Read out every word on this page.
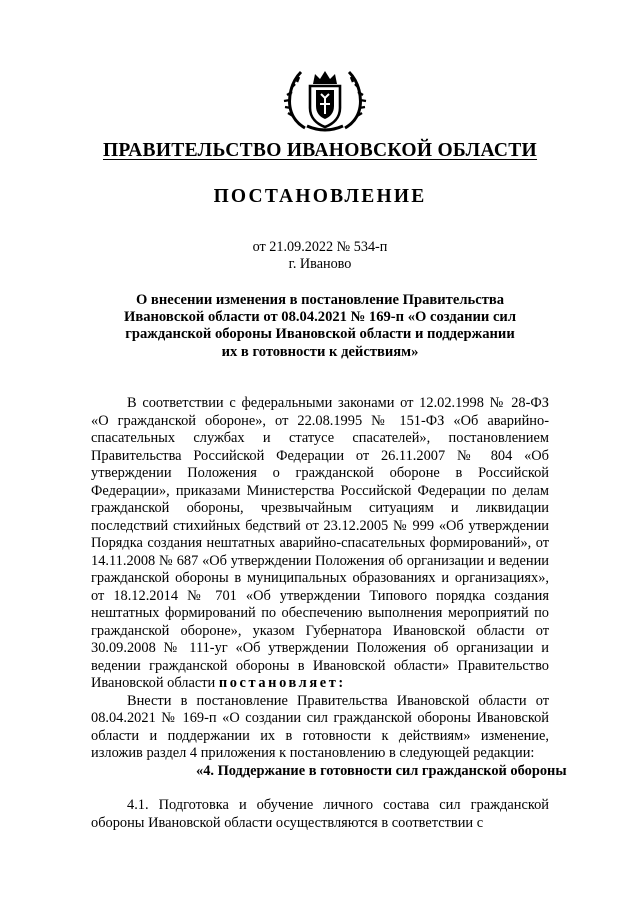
ПРАВИТЕЛЬСТВО ИВАНОВСКОЙ ОБЛАСТИ
ПОСТАНОВЛЕНИЕ
от 21.09.2022 № 534-п
г. Иваново
О внесении изменения в постановление Правительства
Ивановской области от 08.04.2021 № 169-п «О создании сил
гражданской обороны Ивановской области и поддержании
их в готовности к действиям»

В соответствии с федеральными законами от 12.02.1998 № 28-ФЗ «О гражданской обороне», от 22.08.1995 № 151-ФЗ «Об аварийно-спасательных службах и статусе спасателей», постановлением Правительства Российской Федерации от 26.11.2007 № 804 «Об утверждении Положения о гражданской обороне в Российской Федерации», приказами Министерства Российской Федерации по делам гражданской обороны, чрезвычайным ситуациям и ликвидации последствий стихийных бедствий от 23.12.2005 № 999 «Об утверждении Порядка создания нештатных аварийно-спасательных формирований», от 14.11.2008 № 687 «Об утверждении Положения об организации и ведении гражданской обороны в муниципальных образованиях и организациях», от 18.12.2014 № 701 «Об утверждении Типового порядка создания нештатных формирований по обеспечению выполнения мероприятий по гражданской обороне», указом Губернатора Ивановской области от 30.09.2008 № 111-уг «Об утверждении Положения об организации и ведении гражданской обороны в Ивановской области» Правительство Ивановской области постановляет:

Внести в постановление Правительства Ивановской области от 08.04.2021 № 169-п «О создании сил гражданской обороны Ивановской области и поддержании их в готовности к действиям» изменение, изложив раздел 4 приложения к постановлению в следующей редакции:

«4. Поддержание в готовности сил гражданской обороны

4.1. Подготовка и обучение личного состава сил гражданской обороны Ивановской области осуществляются в соответствии с
